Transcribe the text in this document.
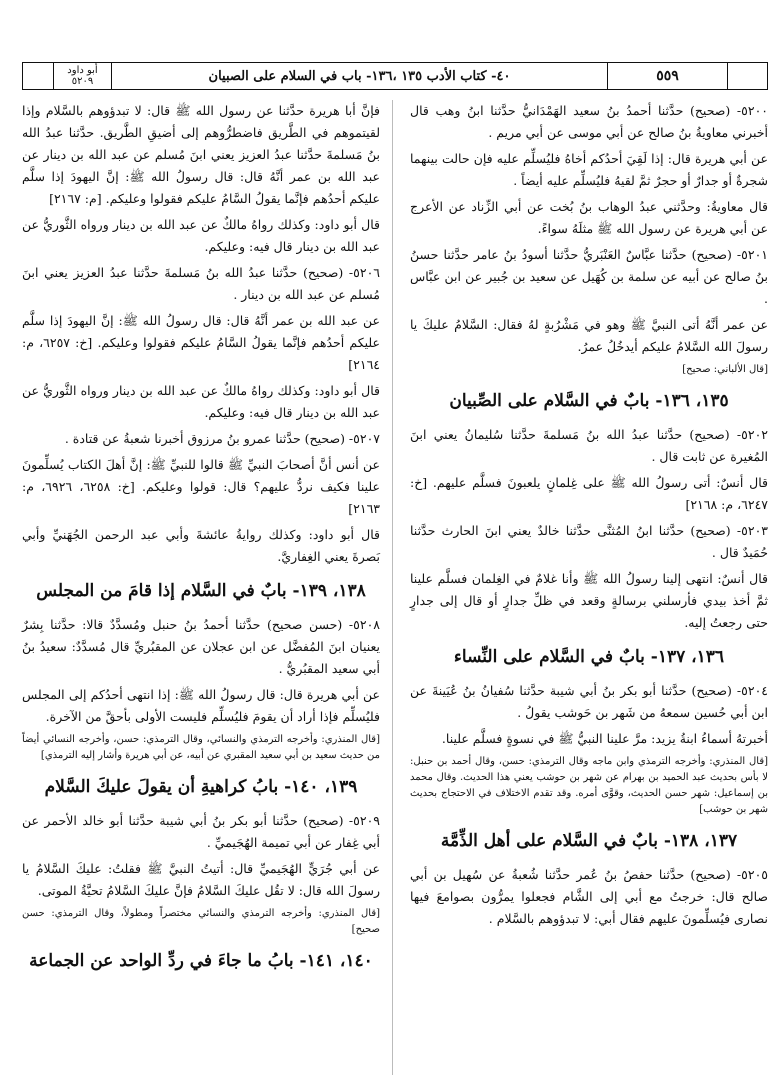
أبو داود
٥٢٠٩	٤٠- كتاب الأدب ١٣٥ ،١٣٦- باب في السلام على الصبيان	٥٥٩
٥٢٠٠- (صحيح) حدَّثنا أحمدُ بنُ سعيد الهَمْدَانيُّ حدَّثنا ابنُ وهب قال أخبرني معاويةُ بنُ صالح عن أبي موسى عن أبي مريم .
عن أبي هريرة قال: إذا لَقِيَ أحدُكم أخاهُ فليُسلِّم عليه فإن حالت بينهما شجرةٌ أو جدارٌ أو حجرٌ ثمَّ لقيهُ فليُسلِّم عليه أيضاً .
قال معاويةُ: وحدَّثني عبدُ الوهاب بنُ بُخت عن أبي الزِّناد عن الأعرج عن أبي هريرة عن رسول الله ﷺ مثلَهُ سواءً.
٥٢٠١- (صحيح) حدَّثنا عبَّاسٌ العَنْبَريُّ حدَّثنا أسودُ بنُ عامر حدَّثنا حسنُ بنُ صالح عن أبيه عن سلمة بن كُهَيل عن سعيد بن جُبير عن ابن عبَّاس .
عن عمر أنَّهُ أتى النبيَّ ﷺ وهو في مَشْرُبةٍ لهُ فقال: السَّلامُ عليكَ يا رسولَ الله السَّلامُ عليكم أيدخُلُ عمرُ.
[قال الألباني: صحيح]
١٣٥، ١٣٦- بابٌ في السَّلام على الصِّبيان
٥٢٠٢- (صحيح) حدَّثنا عبدُ الله بنُ مَسلمةَ حدَّثنا سُليمانُ يعني ابنَ المُغيرة عن ثابت قال .
قال أنسٌ: أتى رسولُ الله ﷺ على غِلمانٍ يلعبونَ فسلَّم عليهم. [خ: ٦٢٤٧، م: ٢١٦٨]
٥٢٠٣- (صحيح) حدَّثنا ابنُ المُثنَّى حدَّثنا خالدٌ يعني ابنَ الحارث حدَّثنا حُمَيدٌ قال .
قال أنسٌ: انتهى إلينا رسولُ الله ﷺ وأنا غلامٌ في الغِلمان فسلَّم علينا ثمَّ أخذ بيدي فأرسلني برسالةٍ وقعد في ظلِّ جدارٍ أو قال إلى جدارٍ حتى رجعتُ إليه.
١٣٦، ١٣٧- بابٌ في السَّلام على النِّساء
٥٢٠٤- (صحيح) حدَّثنا أبو بكر بنُ أبي شيبة حدَّثنا سُفيانُ بنُ عُيَينةَ عن ابن أبي حُسين سمعهُ من شَهر بن حَوشب يقولُ .
أخبرتهُ أسماءُ ابنةُ يزيد: مرَّ علينا النبيُّ ﷺ في نسوةٍ فسلَّم علينا.
[قال المنذري: وأخرجه الترمذي وابن ماجه وقال الترمذي: حسن، وقال أحمد بن حنبل: لا بأس بحديث عبد الحميد بن بهرام عن شهر بن حوشب يعني هذا الحديث. وقال محمد بن إسماعيل: شهر حسن الحديث، وقوَّى أمره. وقد تقدم الاختلاف في الاحتجاج بحديث شهر بن حوشب]
١٣٧، ١٣٨- بابٌ في السَّلام على أهل الذِّمَّة
٥٢٠٥- (صحيح) حدَّثنا حفصُ بنُ عُمر حدَّثنا شُعبةُ عن سُهيل بن أبي صالح قال: خرجتُ مع أبي إلى الشَّام فجعلوا يمرُّون بصوامعَ فيها نصارى فيُسلِّمونَ عليهم فقال أبي: لا تبدؤوهم بالسَّلام .
فإنَّ أبا هريرة حدَّثنا عن رسول الله ﷺ قال: لا تبدؤوهم بالسَّلام وإذا لقيتموهم في الطَّريق فاضطرُّوهم إلى أضيقِ الطَّريق. حدَّثنا عبدُ الله بنُ مَسلمةَ حدَّثنا عبدُ العزيز يعني ابنَ مُسلم عن عبد الله بن دينار عن عبد الله بن عمر أنَّهُ قال: قال رسولُ الله ﷺ: إنَّ اليهودَ إذا سلَّم عليكم أحدُهم فإنَّما يقولُ السَّامُ عليكم فقولوا وعليكم. [م: ٢١٦٧]
قال أبو داود: وكذلك رواهُ مالكٌ عن عبد الله بن دينار ورواه الثَّوريُّ عن عبد الله بن دينار قال فيه: وعليكم.
٥٢٠٦- (صحيح) حدَّثنا عبدُ الله بنُ مَسلمةَ حدَّثنا عبدُ العزيز يعني ابنَ مُسلم عن عبد الله بن دينار .
عن عبد الله بن عمر أنَّهُ قال: قال رسولُ الله ﷺ: إنَّ اليهودَ إذا سلَّم عليكم أحدُهم فإنَّما يقولُ السَّامُ عليكم فقولوا وعليكم. [خ: ٦٢٥٧، م: ٢١٦٤]
قال أبو داود: وكذلك رواهُ مالكٌ عن عبد الله بن دينار ورواه الثَّوريُّ عن عبد الله بن دينار قال فيه: وعليكم.
٥٢٠٧- (صحيح) حدَّثنا عمرو بنُ مرزوق أخبرنا شعبةُ عن قتادة .
عن أنس أنَّ أصحابَ النبيِّ ﷺ قالوا للنبيِّ ﷺ: إنَّ أهلَ الكتاب يُسلِّمونَ علينا فكيف نردُّ عليهم؟ قال: قولوا وعليكم. [خ: ٦٢٥٨، ٦٩٢٦، م: ٢١٦٣]
قال أبو داود: وكذلك روايةُ عائشةَ وأبي عبد الرحمن الجُهَنيِّ وأبي بَصرةَ يعني الغِفاريَّ.
١٣٨، ١٣٩- بابٌ في السَّلام إذا قامَ من المجلس
٥٢٠٨- (حسن صحيح) حدَّثنا أحمدُ بنُ حنبل ومُسدَّدٌ قالا: حدَّثنا بِشرٌ يعنيان ابنَ المُفضَّل عن ابن عجلان عن المقبُريِّ قال مُسدَّدٌ: سعيدُ بنُ أبي سعيد المقبُريُّ .
عن أبي هريرة قال: قال رسولُ الله ﷺ: إذا انتهى أحدُكم إلى المجلس فليُسلِّم فإذا أراد أن يقومَ فليُسلِّم فليست الأولى بأحقَّ من الآخرة.
[قال المنذري: وأخرجه الترمذي والنسائي، وقال الترمذي: حسن، وأخرجه النسائي أيضاً من حديث سعيد بن أبي سعيد المقبري عن أبيه، عن أبي هريرة وأشار إليه الترمذي]
١٣٩، ١٤٠- بابُ كراهيةِ أن يقولَ عليكَ السَّلام
٥٢٠٩- (صحيح) حدَّثنا أبو بكر بنُ أبي شيبة حدَّثنا أبو خالد الأحمر عن أبي غِفار عن أبي تميمة الهُجَيميِّ .
عن أبي جُرَيٍّ الهُجَيميِّ قال: أتيتُ النبيَّ ﷺ فقلتُ: عليكَ السَّلامُ يا رسولَ الله قال: لا تقُل عليكَ السَّلامُ فإنَّ عليكَ السَّلامُ تحيَّةُ الموتى.
[قال المنذري: وأخرجه الترمذي والنسائي مختصراً ومطولاً، وقال الترمذي: حسن صحيح]
١٤٠، ١٤١- بابُ ما جاءَ في ردِّ الواحد عن الجماعة
